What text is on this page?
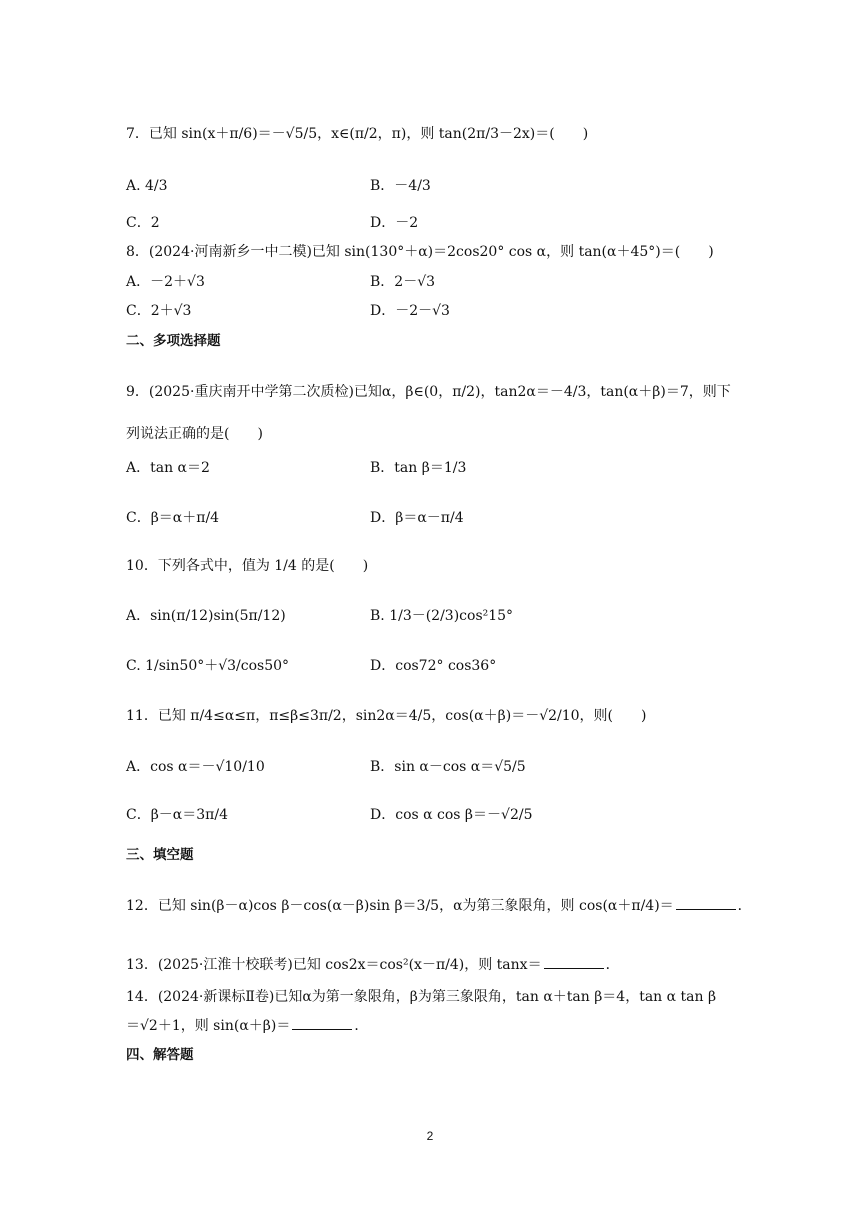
7．已知 sin(x＋π/6)＝－√5/5，x∈(π/2，π)，则 tan(2π/3－2x)＝(　　)
A. 4/3	B．－4/3
C．2	D．－2
8．(2024·河南新乡一中二模)已知 sin(130°＋α)＝2cos20° cos α，则 tan(α＋45°)＝(　　)
A．－2＋√3	B．2－√3
C．2＋√3	D．－2－√3
二、多项选择题
9．(2025·重庆南开中学第二次质检)已知α，β∈(0，π/2)，tan2α＝－4/3，tan(α＋β)＝7，则下
列说法正确的是(　　)
A．tan α＝2	B．tan β＝1/3
C．β＝α＋π/4	D．β＝α－π/4
10．下列各式中，值为 1/4 的是(　　)
A．sin(π/12)sin(5π/12)	B. 1/3－(2/3)cos²15°
C. 1/sin50°＋√3/cos50°	D．cos72° cos36°
11．已知 π/4≤α≤π，π≤β≤3π/2，sin2α＝4/5，cos(α＋β)＝－√2/10，则(　　)
A．cos α＝－√10/10	B．sin α－cos α＝√5/5
C．β－α＝3π/4	D．cos α cos β＝－√2/5
三、填空题
12．已知 sin(β－α)cos β－cos(α－β)sin β＝3/5，α为第三象限角，则 cos(α＋π/4)＝	．
13．(2025·江淮十校联考)已知 cos2x＝cos²(x－π/4)，则 tanx＝	．
14．(2024·新课标Ⅱ卷)已知α为第一象限角，β为第三象限角，tan α＋tan β＝4，tan α tan β
＝√2＋1，则 sin(α＋β)＝	．
四、解答题
2
